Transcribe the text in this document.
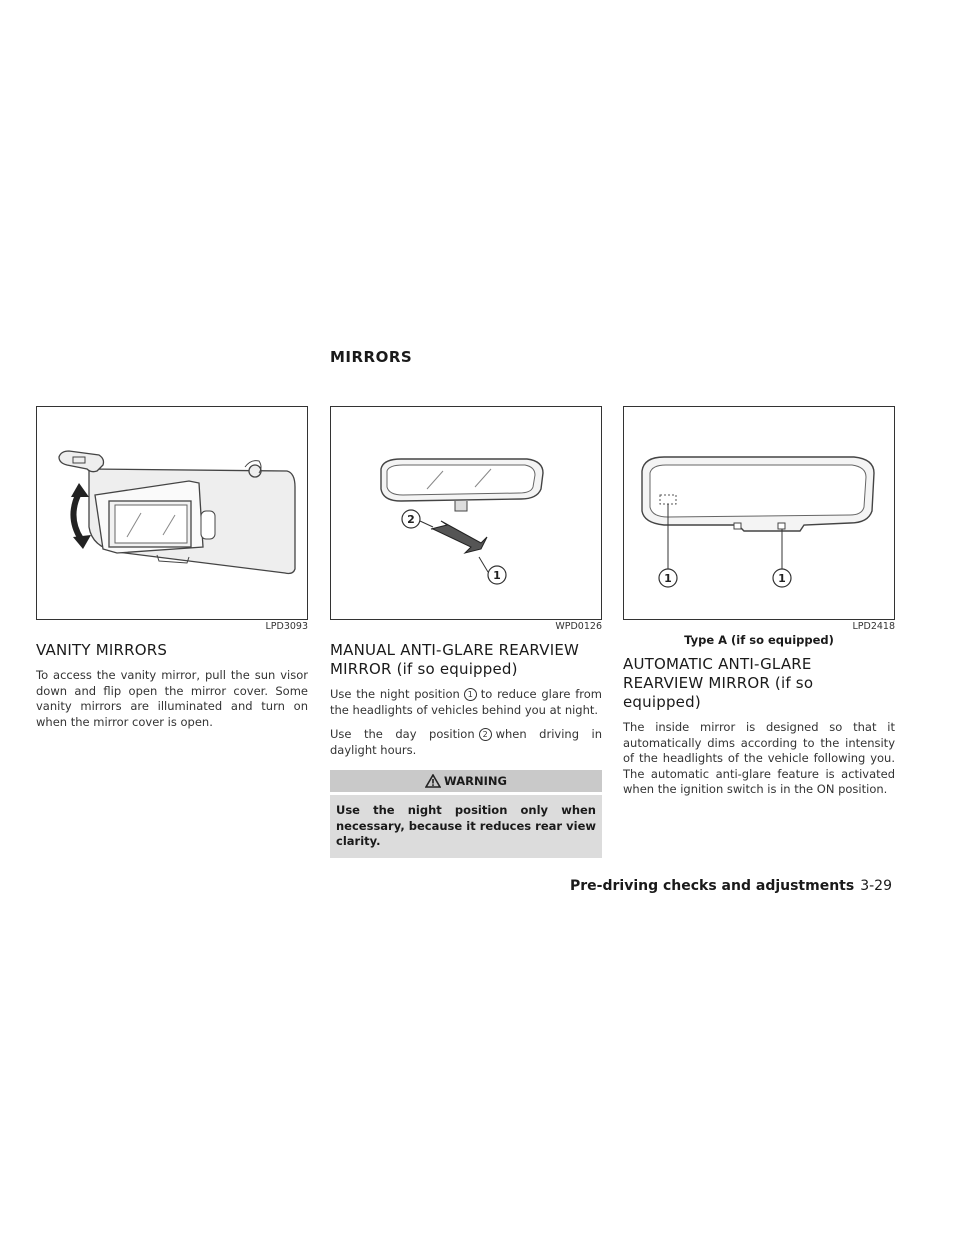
MIRRORS
LPD3093
VANITY MIRRORS

To access the vanity mirror, pull the sun visor down and flip open the mirror cover. Some vanity mirrors are illuminated and turn on when the mirror cover is open.

2
1
WPD0126
MANUAL ANTI-GLARE REARVIEW MIRROR (if so equipped)

Use the night position 1 to reduce glare from the headlights of vehicles behind you at night.

Use the day position 2 when driving in daylight hours.

WARNING
Use the night position only when necessary, because it reduces rear view clarity.
1	1
LPD2418
Type A (if so equipped)
AUTOMATIC ANTI-GLARE REARVIEW MIRROR (if so equipped)

The inside mirror is designed so that it automatically dims according to the intensity of the headlights of the vehicle following you. The automatic anti-glare feature is activated when the ignition switch is in the ON position.

Pre-driving checks and adjustments 3-29
